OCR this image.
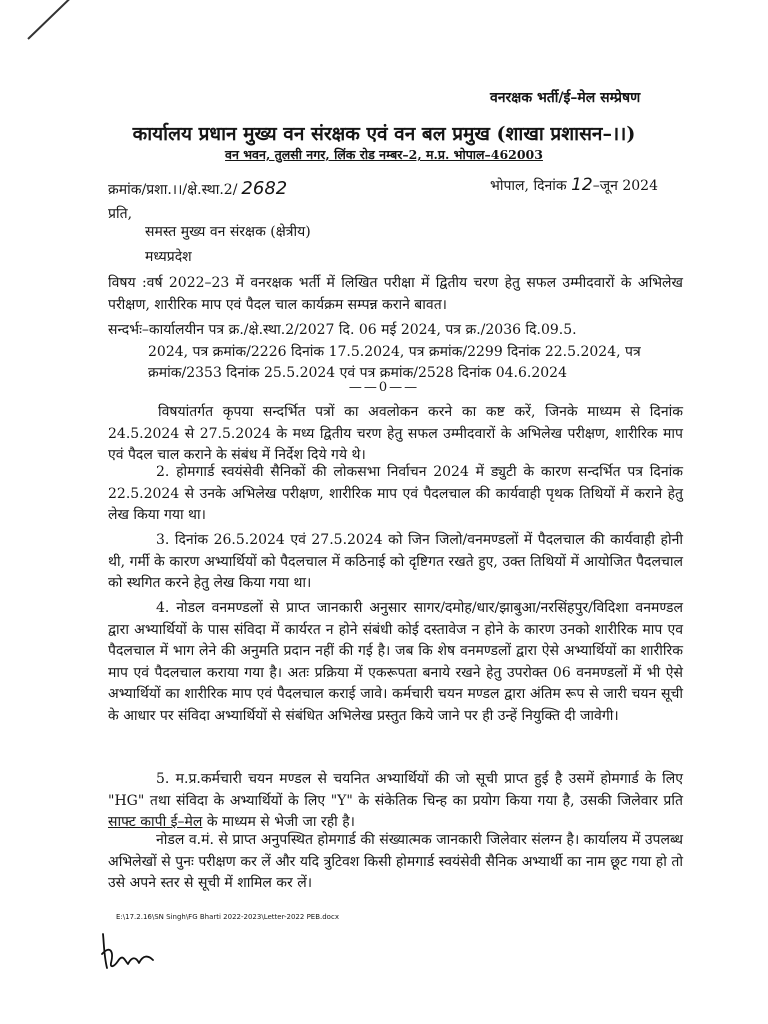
वनरक्षक भर्ती/ई–मेल सम्प्रेषण
कार्यालय प्रधान मुख्य वन संरक्षक एवं वन बल प्रमुख (शाखा प्रशासन–।।)
वन भवन, तुलसी नगर, लिंक रोड नम्बर–2, म.प्र. भोपाल–462003
क्रमांक/प्रशा.।।/क्षे.स्था.2/ 2682	भोपाल, दिनांक 12–जून 2024
प्रति,
समस्त मुख्य वन संरक्षक (क्षेत्रीय)
मध्यप्रदेश
विषय :वर्ष 2022–23 में वनरक्षक भर्ती में लिखित परीक्षा में द्वितीय चरण हेतु सफल उम्मीदवारों के अभिलेख परीक्षण, शारीरिक माप एवं पैदल चाल कार्यक्रम सम्पन्न कराने बावत।
सन्दर्भः–कार्यालयीन पत्र क्र./क्षे.स्था.2/2027 दि. 06 मई 2024, पत्र क्र./2036 दि.09.5.
2024, पत्र क्रमांक/2226 दिनांक 17.5.2024, पत्र क्रमांक/2299 दिनांक 22.5.2024, पत्र
क्रमांक/2353 दिनांक 25.5.2024 एवं पत्र क्रमांक/2528 दिनांक 04.6.2024
——0——
विषयांतर्गत कृपया सन्दर्भित पत्रों का अवलोकन करने का कष्ट करें, जिनके माध्यम से दिनांक 24.5.2024 से 27.5.2024 के मध्य द्वितीय चरण हेतु सफल उम्मीदवारों के अभिलेख परीक्षण, शारीरिक माप एवं पैदल चाल कराने के संबंध में निर्देश दिये गये थे।
2. होमगार्ड स्वयंसेवी सैनिकों की लोकसभा निर्वाचन 2024 में ड्युटी के कारण सन्दर्भित पत्र दिनांक 22.5.2024 से उनके अभिलेख परीक्षण, शारीरिक माप एवं पैदलचाल की कार्यवाही पृथक तिथियों में कराने हेतु लेख किया गया था।
3. दिनांक 26.5.2024 एवं 27.5.2024 को जिन जिलो/वनमण्डलों में पैदलचाल की कार्यवाही होनी थी, गर्मी के कारण अभ्यार्थियों को पैदलचाल में कठिनाई को दृष्टिगत रखते हुए, उक्त तिथियों में आयोजित पैदलचाल को स्थगित करने हेतु लेख किया गया था।
4. नोडल वनमण्डलों से प्राप्त जानकारी अनुसार सागर/दमोह/धार/झाबुआ/नरसिंहपुर/विदिशा वनमण्डल द्वारा अभ्यार्थियों के पास संविदा में कार्यरत न होने संबंधी कोई दस्तावेज न होने के कारण उनको शारीरिक माप एव पैदलचाल में भाग लेने की अनुमति प्रदान नहीं की गई है। जब कि शेष वनमण्डलों द्वारा ऐसे अभ्यार्थियों का शारीरिक माप एवं पैदलचाल कराया गया है। अतः प्रक्रिया में एकरूपता बनाये रखने हेतु उपरोक्त 06 वनमण्डलों में भी ऐसे अभ्यार्थियों का शारीरिक माप एवं पैदलचाल कराई जावे। कर्मचारी चयन मण्डल द्वारा अंतिम रूप से जारी चयन सूची के आधार पर संविदा अभ्यार्थियों से संबंधित अभिलेख प्रस्तुत किये जाने पर ही उन्हें नियुक्ति दी जावेगी।
5. म.प्र.कर्मचारी चयन मण्डल से चयनित अभ्यार्थियों की जो सूची प्राप्त हुई है उसमें होमगार्ड के लिए "HG" तथा संविदा के अभ्यार्थियों के लिए "Y" के संकेतिक चिन्ह का प्रयोग किया गया है, उसकी जिलेवार प्रति साफ्ट कापी ई–मेल के माध्यम से भेजी जा रही है।
नोडल व.मं. से प्राप्त अनुपस्थित होमगार्ड की संख्यात्मक जानकारी जिलेवार संलग्न है। कार्यालय में उपलब्ध अभिलेखों से पुनः परीक्षण कर लें और यदि त्रुटिवश किसी होमगार्ड स्वयंसेवी सैनिक अभ्यार्थी का नाम छूट गया हो तो उसे अपने स्तर से सूची में शामिल कर लें।
E:\17.2.16\SN Singh\FG Bharti 2022-2023\Letter-2022 PEB.docx
